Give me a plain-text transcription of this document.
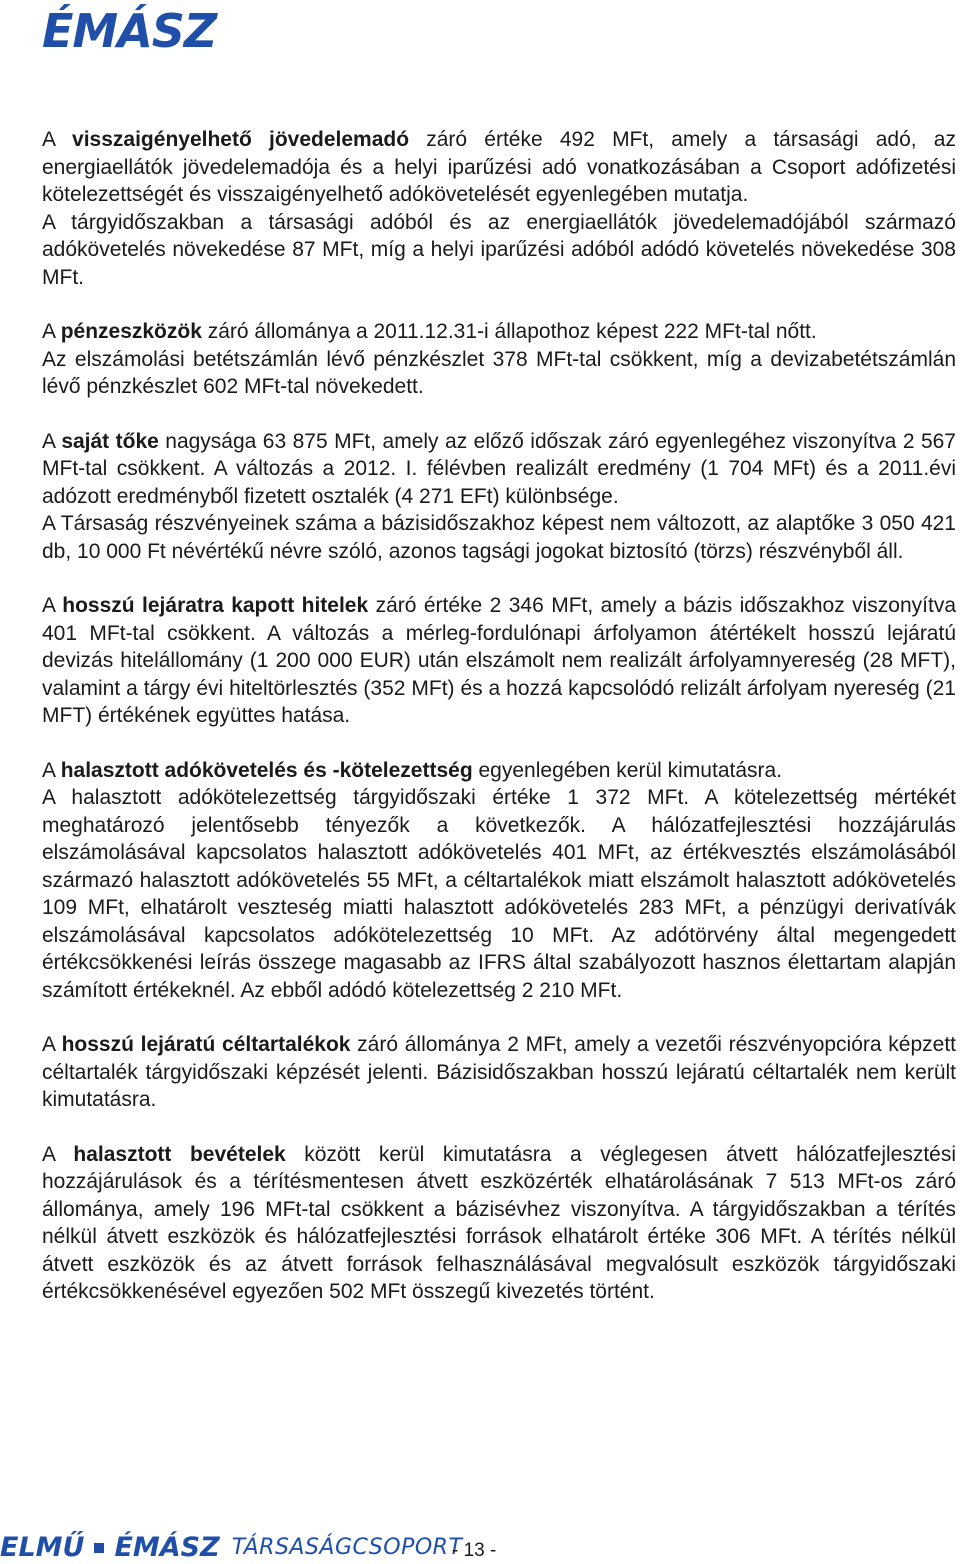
ÉMÁSZ

A visszaigényelhető jövedelemadó záró értéke 492 MFt, amely a társasági adó, az energiaellátók jövedelemadója és a helyi iparűzési adó vonatkozásában a Csoport adófizetési kötelezettségét és visszaigényelhető adókövetelését egyenlegében mutatja.

A tárgyidőszakban a társasági adóból és az energiaellátók jövedelemadójából származó adókövetelés növekedése 87 MFt, míg a helyi iparűzési adóból adódó követelés növekedése 308 MFt.

A pénzeszközök záró állománya a 2011.12.31-i állapothoz képest 222 MFt-tal nőtt.

Az elszámolási betétszámlán lévő pénzkészlet 378 MFt-tal csökkent, míg a devizabetétszámlán lévő pénzkészlet 602 MFt-tal növekedett.

A saját tőke nagysága 63 875 MFt, amely az előző időszak záró egyenlegéhez viszonyítva 2 567 MFt-tal csökkent. A változás a 2012. I. félévben realizált eredmény (1 704 MFt) és a 2011.évi adózott eredményből fizetett osztalék (4 271 EFt) különbsége.

A Társaság részvényeinek száma a bázisidőszakhoz képest nem változott, az alaptőke 3 050 421 db, 10 000 Ft névértékű névre szóló, azonos tagsági jogokat biztosító (törzs) részvényből áll.

A hosszú lejáratra kapott hitelek záró értéke 2 346 MFt, amely a bázis időszakhoz viszonyítva 401 MFt-tal csökkent. A változás a mérleg-fordulónapi árfolyamon átértékelt hosszú lejáratú devizás hitelállomány (1 200 000 EUR) után elszámolt nem realizált árfolyamnyereség (28 MFT), valamint a tárgy évi hiteltörlesztés (352 MFt) és a hozzá kapcsolódó relizált árfolyam nyereség (21 MFT) értékének együttes hatása.

A halasztott adókövetelés és -kötelezettség egyenlegében kerül kimutatásra.

A halasztott adókötelezettség tárgyidőszaki értéke 1 372 MFt. A kötelezettség mértékét meghatározó jelentősebb tényezők a következők. A hálózatfejlesztési hozzájárulás elszámolásával kapcsolatos halasztott adókövetelés 401 MFt, az értékvesztés elszámolásából származó halasztott adókövetelés 55 MFt, a céltartalékok miatt elszámolt halasztott adókövetelés 109 MFt, elhatárolt veszteség miatti halasztott adókövetelés 283 MFt, a pénzügyi derivatívák elszámolásával kapcsolatos adókötelezettség 10 MFt. Az adótörvény által megengedett értékcsökkenési leírás összege magasabb az IFRS által szabályozott hasznos élettartam alapján számított értékeknél. Az ebből adódó kötelezettség 2 210 MFt.

A hosszú lejáratú céltartalékok záró állománya 2 MFt, amely a vezetői részvényopcióra képzett céltartalék tárgyidőszaki képzését jelenti. Bázisidőszakban hosszú lejáratú céltartalék nem került kimutatásra.

A halasztott bevételek között kerül kimutatásra a véglegesen átvett hálózatfejlesztési hozzájárulások és a térítésmentesen átvett eszközérték elhatárolásának 7 513 MFt-os záró állománya, amely 196 MFt-tal csökkent a bázisévhez viszonyítva. A tárgyidőszakban a térítés nélkül átvett eszközök és hálózatfejlesztési források elhatárolt értéke 306 MFt. A térítés nélkül átvett eszközök és az átvett források felhasználásával megvalósult eszközök tárgyidőszaki értékcsökkenésével egyezően 502 MFt összegű kivezetés történt.

ELMŰ ÉMÁSZ TÁRSASÁGCSOPORT
- 13 -
